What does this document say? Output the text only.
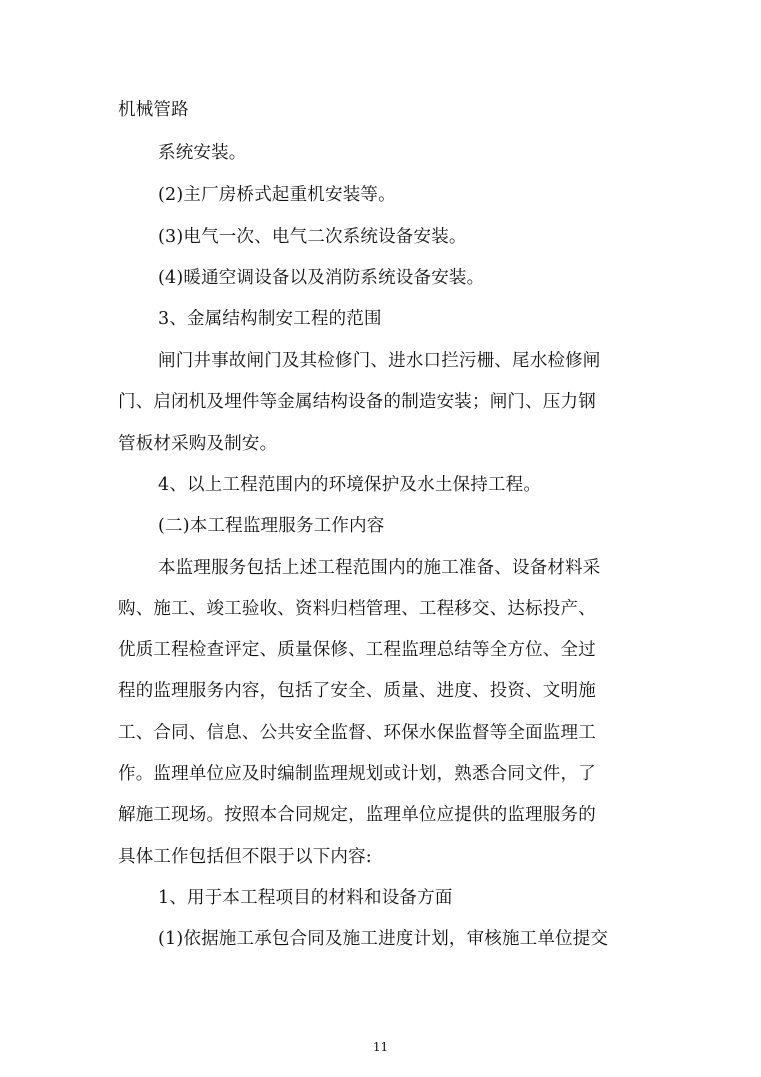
机械管路
系统安装。
(2)主厂房桥式起重机安装等。
(3)电气一次、电气二次系统设备安装。
(4)暖通空调设备以及消防系统设备安装。
3、金属结构制安工程的范围
闸门井事故闸门及其检修门、进水口拦污栅、尾水检修闸
门、启闭机及埋件等金属结构设备的制造安装；闸门、压力钢
管板材采购及制安。
4、以上工程范围内的环境保护及水土保持工程。
(二)本工程监理服务工作内容
本监理服务包括上述工程范围内的施工准备、设备材料采
购、施工、竣工验收、资料归档管理、工程移交、达标投产、
优质工程检查评定、质量保修、工程监理总结等全方位、全过
程的监理服务内容，包括了安全、质量、进度、投资、文明施
工、合同、信息、公共安全监督、环保水保监督等全面监理工
作。监理单位应及时编制监理规划或计划，熟悉合同文件，了
解施工现场。按照本合同规定，监理单位应提供的监理服务的
具体工作包括但不限于以下内容:
1、用于本工程项目的材料和设备方面
(1)依据施工承包合同及施工进度计划，审核施工单位提交
11
